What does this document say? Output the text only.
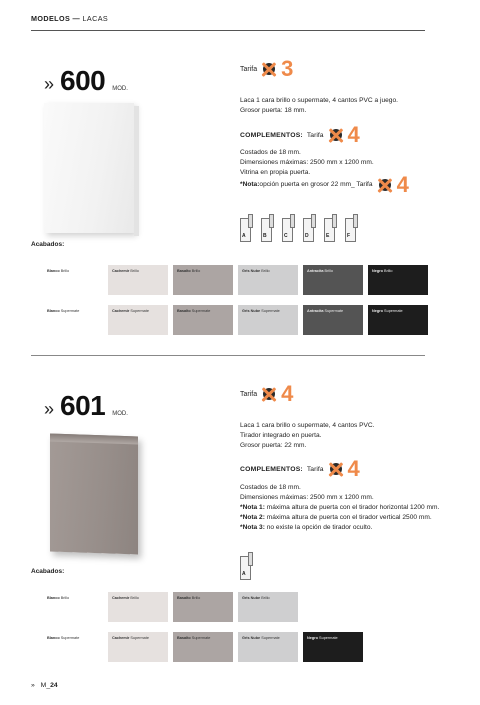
MODELOS — LACAS
» 600 MOD.
Tarifa 3
Laca 1 cara brillo o supermate, 4 cantos PVC a juego.
Grosor puerta: 18 mm.
COMPLEMENTOS: Tarifa 4
Costados de 18 mm.
Dimensiones máximas: 2500 mm x 1200 mm.
Vitrina en propia puerta.
*Nota: opción puerta en grosor 22 mm_ Tarifa 4
A	B	C	D	E	F
Acabados:
Blanco Brillo	Cachemir Brillo	Basalto Brillo	Gris Nube Brillo	Antracita Brillo	Negro Brillo
Blanco Supermate	Cachemir Supermate	Basalto Supermate	Gris Nube Supermate	Antracita Supermate	Negro Supermate
» 601 MOD.
Tarifa 4
Laca 1 cara brillo o supermate, 4 cantos PVC.
Tirador integrado en puerta.
Grosor puerta: 22 mm.
COMPLEMENTOS: Tarifa 4
Costados de 18 mm.
Dimensiones máximas: 2500 mm x 1200 mm.
*Nota 1: máxima altura de puerta con el tirador horizontal 1200 mm.
*Nota 2: máxima altura de puerta con el tirador vertical 2500 mm.
*Nota 3: no existe la opción de tirador oculto.
A
Acabados:
Blanco Brillo	Cachemir Brillo	Basalto Brillo	Gris Nube Brillo
Blanco Supermate	Cachemir Supermate	Basalto Supermate	Gris Nube Supermate	Negro Supermate
» M_24
